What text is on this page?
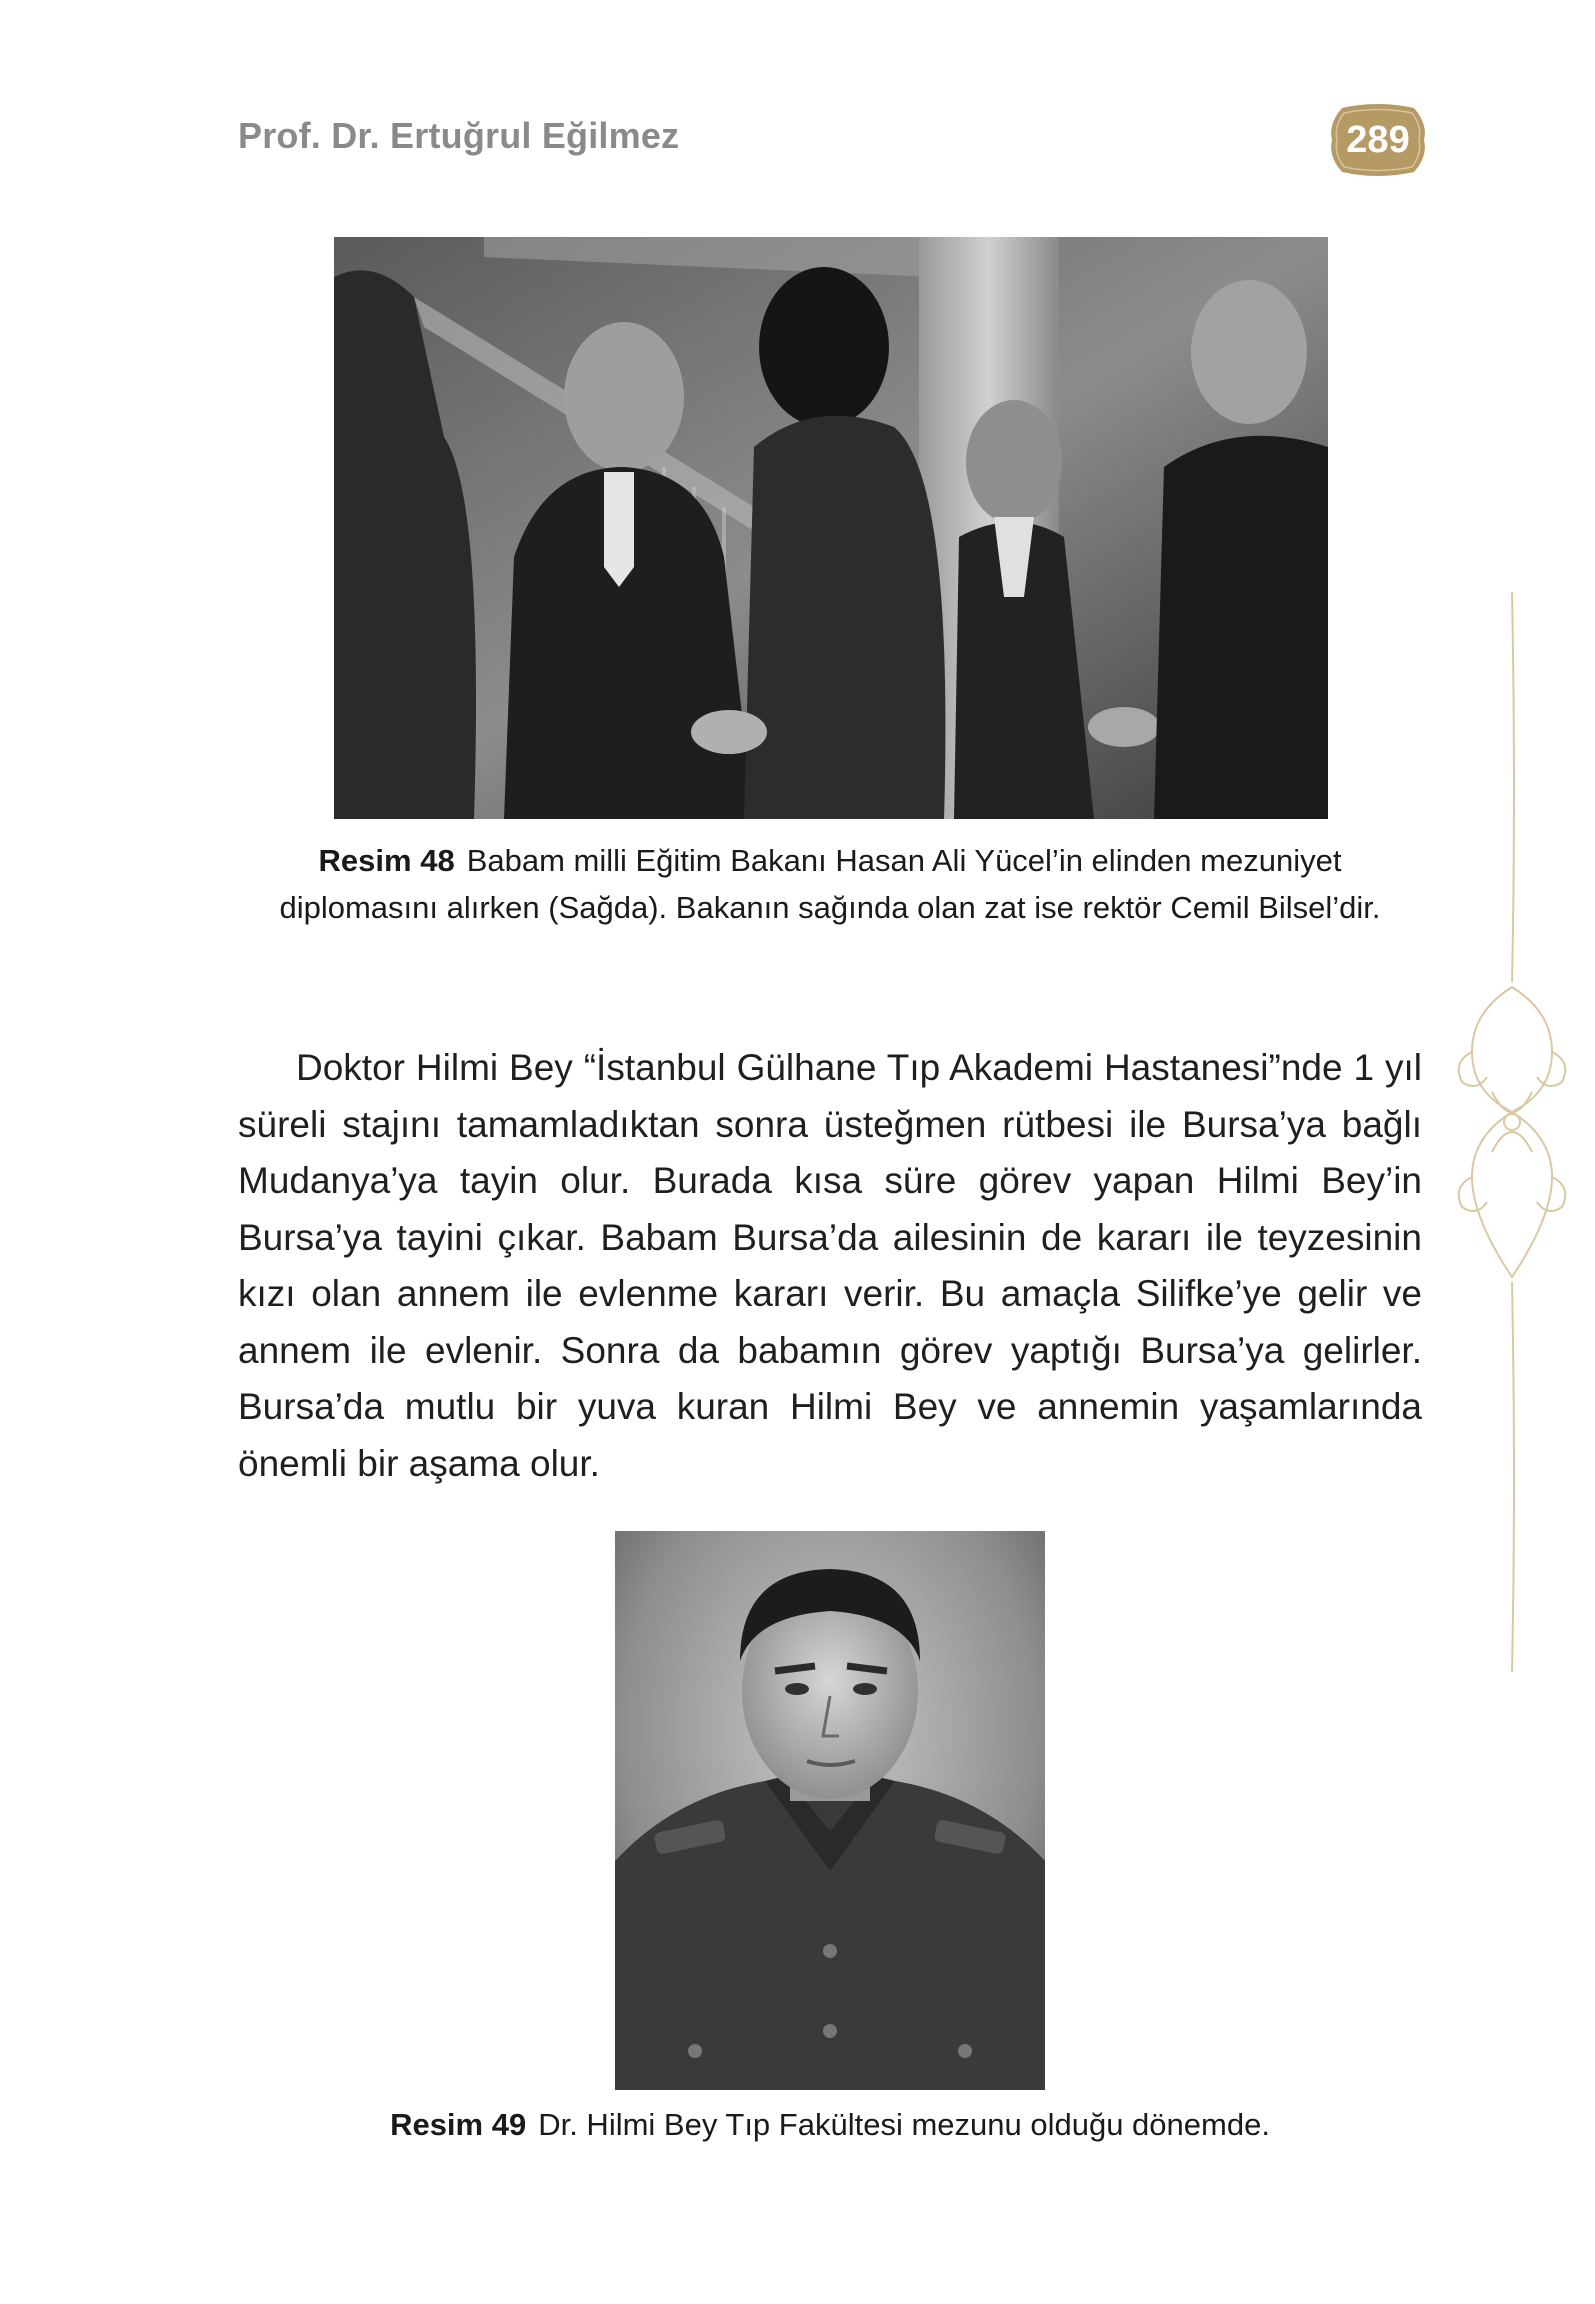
Prof. Dr. Ertuğrul Eğilmez	289
Resim 48 Babam milli Eğitim Bakanı Hasan Ali Yücel’in elinden mezuniyet diplomasını alırken (Sağda). Bakanın sağında olan zat ise rektör Cemil Bilsel’dir.
Doktor Hilmi Bey “İstanbul Gülhane Tıp Akademi Hastanesi”nde 1 yıl süreli stajını tamamladıktan sonra üsteğmen rütbesi ile Bursa’ya bağlı Mudanya’ya tayin olur. Burada kısa süre görev yapan Hilmi Bey’in Bursa’ya tayini çıkar. Babam Bursa’da ailesinin de kararı ile teyzesinin kızı olan annem ile evlenme kararı verir. Bu amaçla Silifke’ye gelir ve annem ile evlenir. Sonra da babamın görev yaptığı Bursa’ya gelirler. Bursa’da mutlu bir yuva kuran Hilmi Bey ve annemin yaşamlarında önemli bir aşama olur.
Resim 49 Dr. Hilmi Bey Tıp Fakültesi mezunu olduğu dönemde.
